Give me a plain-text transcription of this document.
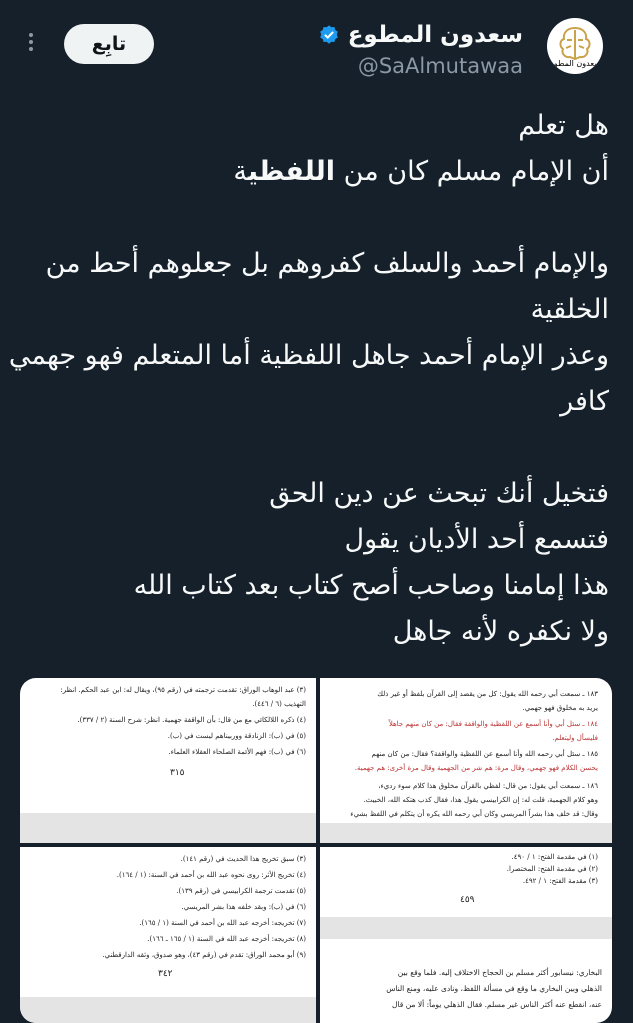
سعدون المطوع
سعدون المطوع
@SaAlmutawaa
تابِع

هل تعلم

أن الإمام مسلم كان من اللفظية

والإمام أحمد والسلف كفروهم بل جعلوهم أحط من

الخلقية

وعذر الإمام أحمد جاهل اللفظية أما المتعلم فهو جهمي

كافر

فتخيل أنك تبحث عن دين الحق

فتسمع أحد الأديان يقول

هذا إمامنا وصاحب أصح كتاب بعد كتاب الله

ولا نكفره لأنه جاهل

١٨٣ ـ سمعت أبي رحمه الله يقول: كل من يقصد إلى القرآن بلفظ أو غير ذلك
يريد به مخلوق فهو جهمي.
١٨٤ ـ سئل أبي وأنا أسمع عن اللفظية والواقفة فقال: من كان منهم جاهلاً
فليسأل وليتعلم.
١٨٥ ـ سئل أبي رحمه الله وأنا أسمع عن اللفظية والواقفة؟ فقال: من كان منهم
يحسن الكلام فهو جهمي، وقال مرة: هم شر من الجهمية وقال مرة أخرى: هم جهمية.
١٨٦ ـ سمعت أبي يقول: من قال: لفظي بالقرآن مخلوق هذا كلام سوء رديء،
وهو كلام الجهمية، قلت له: إن الكرابيسي يقول هذا، فقال كذب هتكه الله، الخبيث.
وقال: قد خلف هذا بشراً المريسي وكان أبي رحمه الله يكره أن يتكلم في اللفظ بشيء
(٣) عبد الوهاب الوراق: تقدمت ترجمته في (رقم ٩٥)، ويقال له: ابن عبد الحكم. انظر:
التهذيب (٦ / ٤٤٦).
(٤) ذكره اللالكائي مع من قال: بأن الواقفة جهمية. انظر: شرح السنة (٢ / ٣٣٧).
(٥) في (ب): الزنادقة ووربيناهم ليست في (ب).
(٦) في (ب): فهم الأئمة الصلحاء العقلاء العلماء.
٣١٥
(١) في مقدمة الفتح: ١ / ٤٩٠.
(٢) في مقدمة الفتح: المختصرا.
(٣) مقدمة الفتح: ١ / ٤٩٢.
٤٥٩
البخاري: نيسابور أكثر مسلم بن الحجاج الاختلاف إليه. فلما وقع بين
الذهلي وبين البخاري ما وقع في مسألة اللفظ، ونادى عليه، ومنع الناس
عنه، انقطع عنه أكثر الناس غير مسلم. فقال الذهلي يوماً: ألا من قال
(٣) سبق تخريج هذا الحديث في (رقم ١٤١).
(٤) تخريج الأثر: روى نحوه عبد الله بن أحمد في السنة: (١ / ١٦٤).
(٥) تقدمت ترجمة الكرابيسي في (رقم ١٣٩).
(٦) في (ب): وبقد خلفه هذا بشر المريسي.
(٧) تخريجه: أخرجه عبد الله بن أحمد في السنة (١ / ١٦٥).
(٨) تخريجه: أخرجه عبد الله في السنة (١ / ١٦٥ ـ ١٦٦).
(٩) أبو محمد الوراق: تقدم في (رقم ٤٣)، وهو صدوق، وثقه الدارقطني.
٣٤٢
